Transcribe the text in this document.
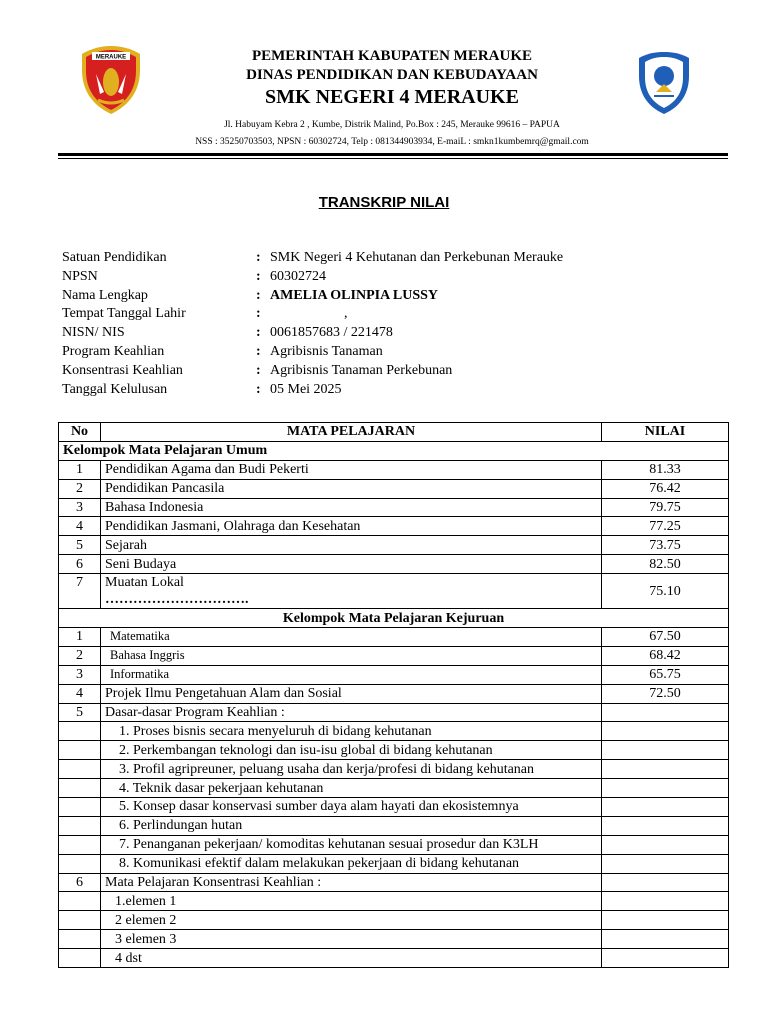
MERAUKE	PEMERINTAH KABUPATEN MERAUKE
DINAS PENDIDIKAN DAN KEBUDAYAAN
SMK NEGERI 4 MERAUKE
Jl. Habuyam Kebra 2 , Kumbe, Distrik Malind, Po.Box : 245, Merauke 99616 – PAPUA
NSS : 35250703503, NPSN : 60302724, Telp : 081344903934, E-maiL : smkn1kumbemrq@gmail.com
TRANSKRIP NILAI
Satuan Pendidikan	: SMK Negeri 4 Kehutanan dan Perkebunan Merauke
NPSN	: 60302724
Nama Lengkap	: AMELIA OLINPIA LUSSY
Tempat Tanggal Lahir	:	,
NISN/ NIS	: 0061857683 / 221478
Program Keahlian	: Agribisnis Tanaman
Konsentrasi Keahlian	: Agribisnis Tanaman Perkebunan
Tanggal Kelulusan	: 05 Mei 2025
No	MATA PELAJARAN	NILAI
Kelompok Mata Pelajaran Umum		
1	Pendidikan Agama dan Budi Pekerti	81.33
2	Pendidikan Pancasila	76.42
3	Bahasa Indonesia	79.75
4	Pendidikan Jasmani, Olahraga dan Kesehatan	77.25
5	Sejarah	73.75
6	Seni Budaya	82.50
7	Muatan Lokal
………………………….	75.10
Kelompok Mata Pelajaran Kejuruan		
1	Matematika	67.50
2	Bahasa Inggris	68.42
3	Informatika	65.75
4	Projek Ilmu Pengetahuan Alam dan Sosial	72.50
5	Dasar-dasar Program Keahlian :	
	1. Proses bisnis secara menyeluruh di bidang kehutanan	
	2. Perkembangan teknologi dan isu-isu global di bidang kehutanan	
	3. Profil agripreuner, peluang usaha dan kerja/profesi di bidang kehutanan	
	4. Teknik dasar pekerjaan kehutanan	
	5. Konsep dasar konservasi sumber daya alam hayati dan ekosistemnya	
	6. Perlindungan hutan	
	7. Penanganan pekerjaan/ komoditas kehutanan sesuai prosedur dan K3LH	
	8. Komunikasi efektif dalam melakukan pekerjaan di bidang kehutanan	
6	Mata Pelajaran Konsentrasi Keahlian :	
	1.elemen 1	
	2 elemen 2	
	3 elemen 3	
	4 dst	
